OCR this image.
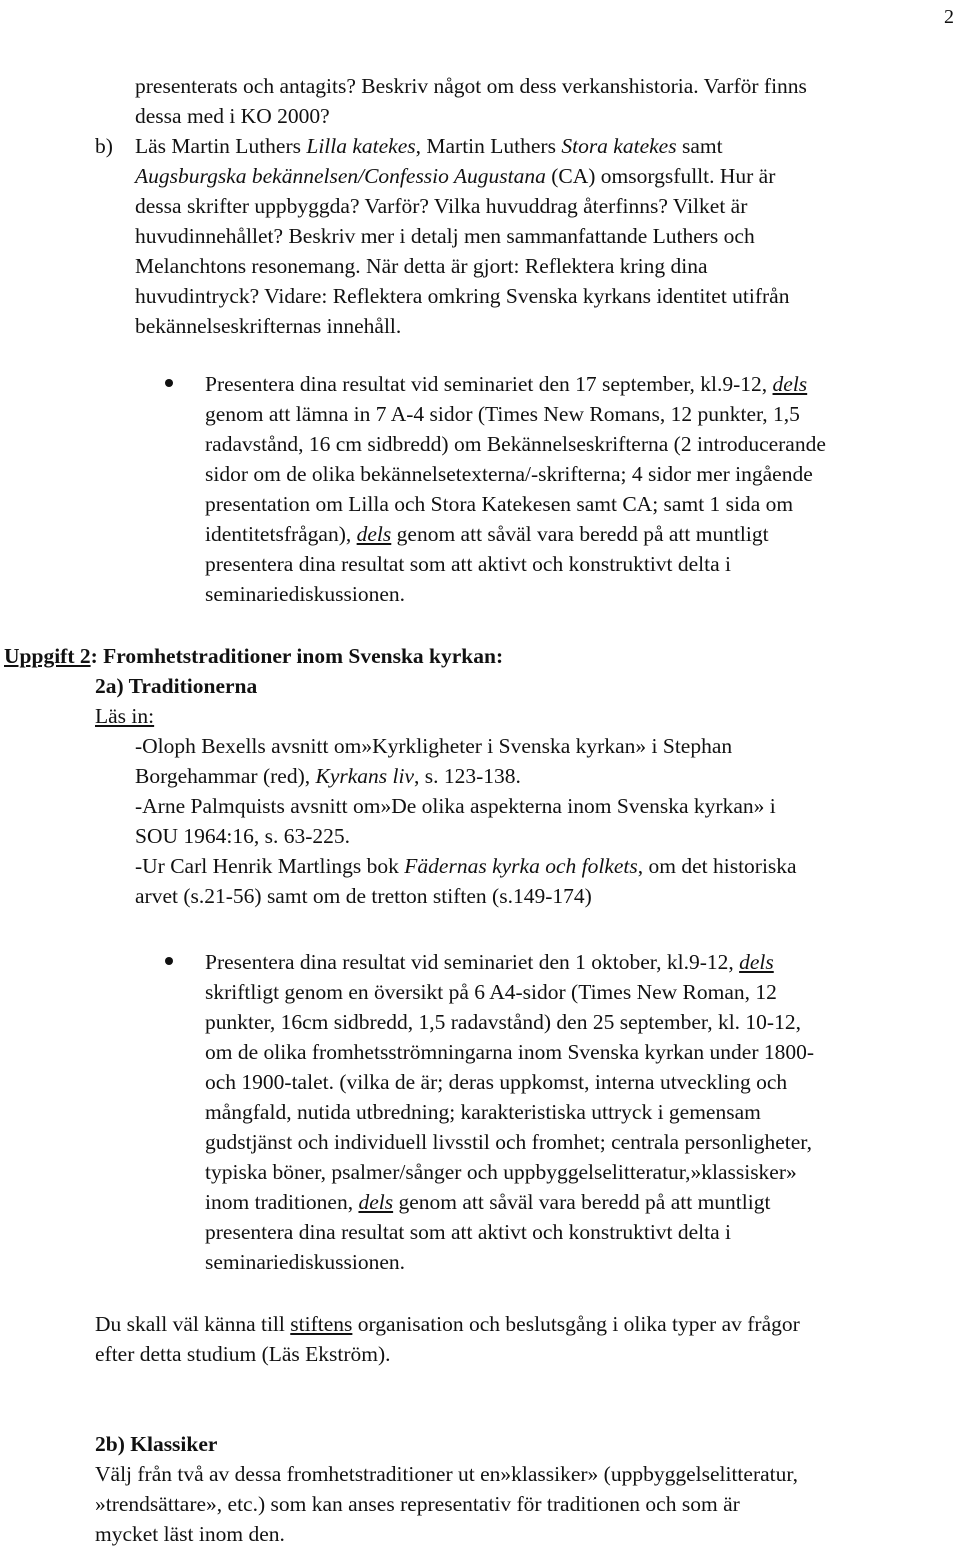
2
presenterats och antagits? Beskriv något om dess verkanshistoria. Varför finns
dessa med i KO 2000?
b) Läs Martin Luthers Lilla katekes, Martin Luthers Stora katekes samt
Augsburgska bekännelsen/Confessio Augustana (CA) omsorgsfullt. Hur är
dessa skrifter uppbyggda? Varför? Vilka huvuddrag återfinns? Vilket är
huvudinnehållet? Beskriv mer i detalj men sammanfattande Luthers och
Melanchtons resonemang. När detta är gjort: Reflektera kring dina
huvudintryck? Vidare: Reflektera omkring Svenska kyrkans identitet utifrån
bekännelseskrifternas innehåll.
Presentera dina resultat vid seminariet den 17 september, kl.9-12, dels
genom att lämna in 7 A-4 sidor (Times New Romans, 12 punkter, 1,5
radavstånd, 16 cm sidbredd) om Bekännelseskrifterna (2 introducerande
sidor om de olika bekännelsetexterna/-skrifterna; 4 sidor mer ingående
presentation om Lilla och Stora Katekesen samt CA; samt 1 sida om
identitetsfrågan), dels genom att såväl vara beredd på att muntligt
presentera dina resultat som att aktivt och konstruktivt delta i
seminariediskussionen.
Uppgift 2: Fromhetstraditioner inom Svenska kyrkan:
2a) Traditionerna
Läs in:
-Oloph Bexells avsnitt om»Kyrkligheter i Svenska kyrkan» i Stephan
Borgehammar (red), Kyrkans liv, s. 123-138.
-Arne Palmquists avsnitt om»De olika aspekterna inom Svenska kyrkan» i
SOU 1964:16, s. 63-225.
-Ur Carl Henrik Martlings bok Fädernas kyrka och folkets, om det historiska
arvet (s.21-56) samt om de tretton stiften (s.149-174)
Presentera dina resultat vid seminariet den 1 oktober, kl.9-12, dels
skriftligt genom en översikt på 6 A4-sidor (Times New Roman, 12
punkter, 16cm sidbredd, 1,5 radavstånd) den 25 september, kl. 10-12,
om de olika fromhetsströmningarna inom Svenska kyrkan under 1800-
och 1900-talet. (vilka de är; deras uppkomst, interna utveckling och
mångfald, nutida utbredning; karakteristiska uttryck i gemensam
gudstjänst och individuell livsstil och fromhet; centrala personligheter,
typiska böner, psalmer/sånger och uppbyggelselitteratur,»klassisker»
inom traditionen, dels genom att såväl vara beredd på att muntligt
presentera dina resultat som att aktivt och konstruktivt delta i
seminariediskussionen.
Du skall väl känna till stiftens organisation och beslutsgång i olika typer av frågor
efter detta studium (Läs Ekström).
2b) Klassiker
Välj från två av dessa fromhetstraditioner ut en»klassiker» (uppbyggelselitteratur,
»trendsättare», etc.) som kan anses representativ för traditionen och som är
mycket läst inom den.
